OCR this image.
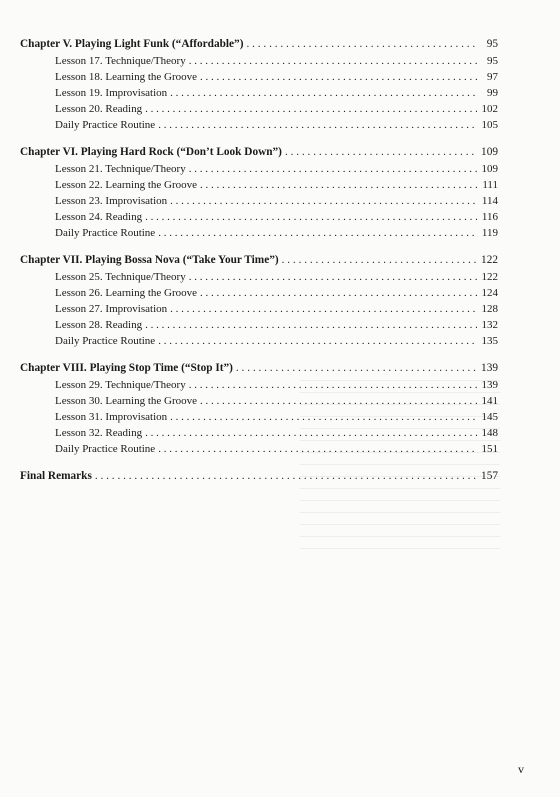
Chapter V. Playing Light Funk (“Affordable”) . . .	95
Lesson 17. Technique/Theory . . .	95
Lesson 18. Learning the Groove . . .	97
Lesson 19. Improvisation . . .	99
Lesson 20. Reading . . .	102
Daily Practice Routine . . .	105
Chapter VI. Playing Hard Rock (“Don’t Look Down”) . . .	109
Lesson 21. Technique/Theory . . .	109
Lesson 22. Learning the Groove . . .	111
Lesson 23. Improvisation . . .	114
Lesson 24. Reading . . .	116
Daily Practice Routine . . .	119
Chapter VII. Playing Bossa Nova (“Take Your Time”) . . .	122
Lesson 25. Technique/Theory . . .	122
Lesson 26. Learning the Groove . . .	124
Lesson 27. Improvisation . . .	128
Lesson 28. Reading . . .	132
Daily Practice Routine . . .	135
Chapter VIII. Playing Stop Time (“Stop It”) . . .	139
Lesson 29. Technique/Theory . . .	139
Lesson 30. Learning the Groove . . .	141
Lesson 31. Improvisation . . .	145
Lesson 32. Reading . . .	148
Daily Practice Routine . . .	151
Final Remarks . . .	157
v
